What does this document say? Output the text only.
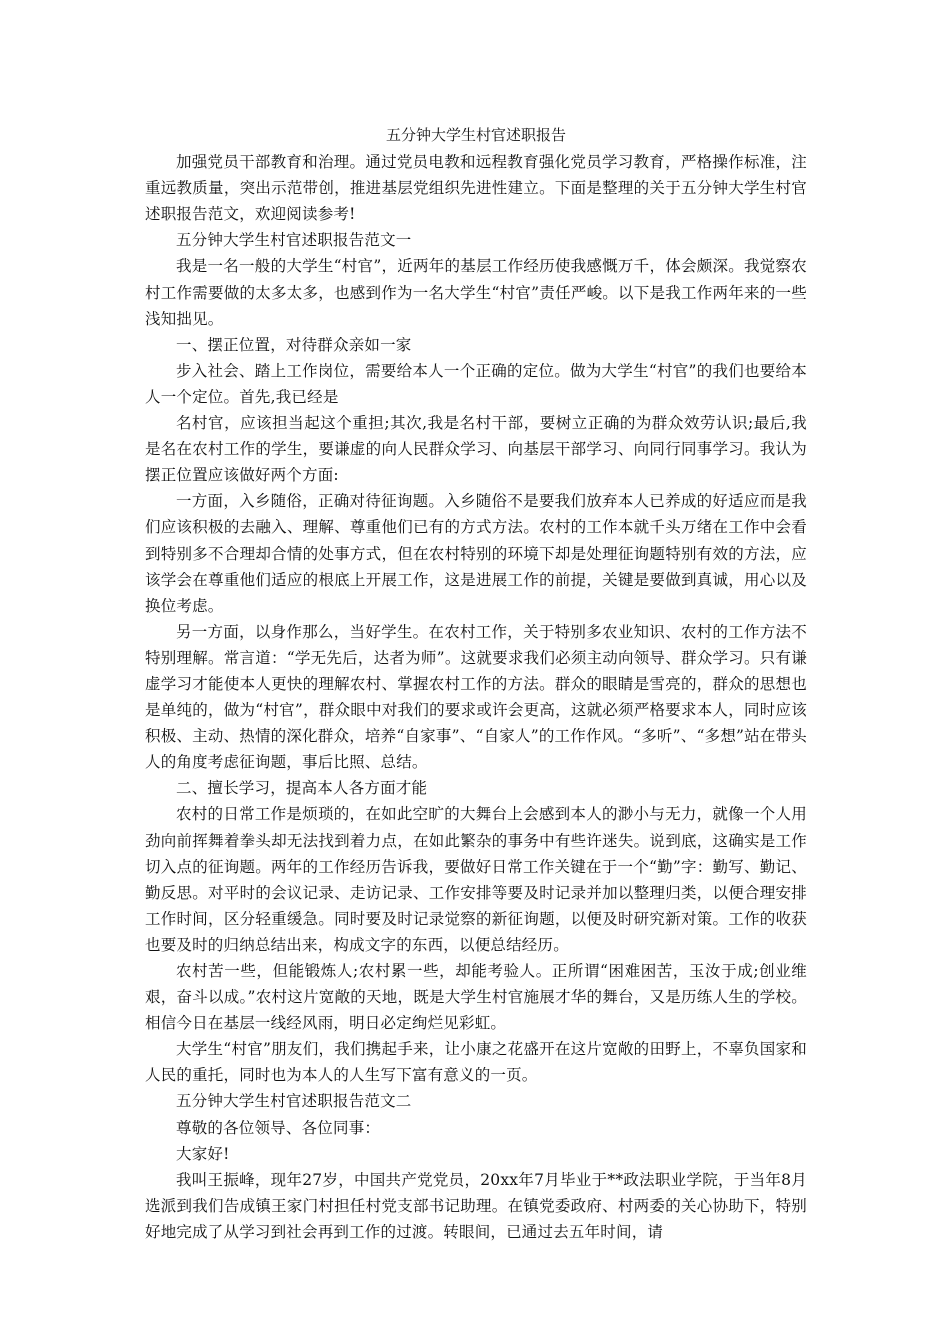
五分钟大学生村官述职报告

加强党员干部教育和治理。通过党员电教和远程教育强化党员学习教育，严格操作标准，注重远教质量，突出示范带创，推进基层党组织先进性建立。下面是整理的关于五分钟大学生村官述职报告范文，欢迎阅读参考!

五分钟大学生村官述职报告范文一

我是一名一般的大学生“村官”，近两年的基层工作经历使我感慨万千，体会颇深。我觉察农村工作需要做的太多太多，也感到作为一名大学生“村官”责任严峻。以下是我工作两年来的一些浅知拙见。

一、摆正位置，对待群众亲如一家

步入社会、踏上工作岗位，需要给本人一个正确的定位。做为大学生“村官”的我们也要给本人一个定位。首先,我已经是

名村官，应该担当起这个重担;其次,我是名村干部，要树立正确的为群众效劳认识;最后,我是名在农村工作的学生，要谦虚的向人民群众学习、向基层干部学习、向同行同事学习。我认为摆正位置应该做好两个方面:

一方面，入乡随俗，正确对待征询题。入乡随俗不是要我们放弃本人已养成的好适应而是我们应该积极的去融入、理解、尊重他们已有的方式方法。农村的工作本就千头万绪在工作中会看到特别多不合理却合情的处事方式，但在农村特别的环境下却是处理征询题特别有效的方法，应该学会在尊重他们适应的根底上开展工作，这是进展工作的前提，关键是要做到真诚，用心以及换位考虑。

另一方面，以身作那么，当好学生。在农村工作，关于特别多农业知识、农村的工作方法不特别理解。常言道：“学无先后，达者为师”。这就要求我们必须主动向领导、群众学习。只有谦虚学习才能使本人更快的理解农村、掌握农村工作的方法。群众的眼睛是雪亮的，群众的思想也是单纯的，做为“村官”，群众眼中对我们的要求或许会更高，这就必须严格要求本人，同时应该积极、主动、热情的深化群众，培养“自家事”、“自家人”的工作作风。“多听”、“多想”站在带头人的角度考虑征询题，事后比照、总结。

二、擅长学习，提高本人各方面才能

农村的日常工作是烦琐的，在如此空旷的大舞台上会感到本人的渺小与无力，就像一个人用劲向前挥舞着拳头却无法找到着力点，在如此繁杂的事务中有些许迷失。说到底，这确实是工作切入点的征询题。两年的工作经历告诉我，要做好日常工作关键在于一个“勤”字：勤写、勤记、勤反思。对平时的会议记录、走访记录、工作安排等要及时记录并加以整理归类，以便合理安排工作时间，区分轻重缓急。同时要及时记录觉察的新征询题，以便及时研究新对策。工作的收获也要及时的归纳总结出来，构成文字的东西，以便总结经历。

农村苦一些，但能锻炼人;农村累一些，却能考验人。正所谓“困难困苦，玉汝于成;创业维艰，奋斗以成。”农村这片宽敞的天地，既是大学生村官施展才华的舞台，又是历练人生的学校。相信今日在基层一线经风雨，明日必定绚烂见彩虹。

大学生“村官”朋友们，我们携起手来，让小康之花盛开在这片宽敞的田野上，不辜负国家和人民的重托，同时也为本人的人生写下富有意义的一页。

五分钟大学生村官述职报告范文二

尊敬的各位领导、各位同事：

大家好!

我叫王振峰，现年27岁，中国共产党党员，20xx年7月毕业于**政法职业学院，于当年8月选派到我们告成镇王家门村担任村党支部书记助理。在镇党委政府、村两委的关心协助下，特别好地完成了从学习到社会再到工作的过渡。转眼间，已通过去五年时间，请
